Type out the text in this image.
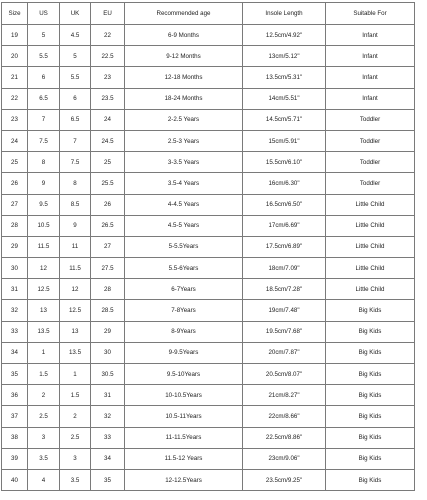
Size	US	UK	EU	Recommended age	Insole Length	Suitable For
19	5	4.5	22	6-9 Months	12.5cm/4.92"	Infant
20	5.5	5	22.5	9-12 Months	13cm/5.12"	Infant
21	6	5.5	23	12-18 Months	13.5cm/5.31"	Infant
22	6.5	6	23.5	18-24 Months	14cm/5.51"	Infant
23	7	6.5	24	2-2.5 Years	14.5cm/5.71"	Toddler
24	7.5	7	24.5	2.5-3 Years	15cm/5.91"	Toddler
25	8	7.5	25	3-3.5 Years	15.5cm/6.10"	Toddler
26	9	8	25.5	3.5-4 Years	16cm/6.30"	Toddler
27	9.5	8.5	26	4-4.5 Years	16.5cm/6.50"	Little Child
28	10.5	9	26.5	4.5-5 Years	17cm/6.69"	Little Child
29	11.5	11	27	5-5.5Years	17.5cm/6.89"	Little Child
30	12	11.5	27.5	5.5-6Years	18cm/7.09"	Little Child
31	12.5	12	28	6-7Years	18.5cm/7.28"	Little Child
32	13	12.5	28.5	7-8Years	19cm/7.48"	Big Kids
33	13.5	13	29	8-9Years	19.5cm/7.68"	Big Kids
34	1	13.5	30	9-9.5Years	20cm/7.87"	Big Kids
35	1.5	1	30.5	9.5-10Years	20.5cm/8.07"	Big Kids
36	2	1.5	31	10-10.5Years	21cm/8.27"	Big Kids
37	2.5	2	32	10.5-11Years	22cm/8.66"	Big Kids
38	3	2.5	33	11-11.5Years	22.5cm/8.86"	Big Kids
39	3.5	3	34	11.5-12 Years	23cm/9.06"	Big Kids
40	4	3.5	35	12-12.5Years	23.5cm/9.25"	Big Kids
